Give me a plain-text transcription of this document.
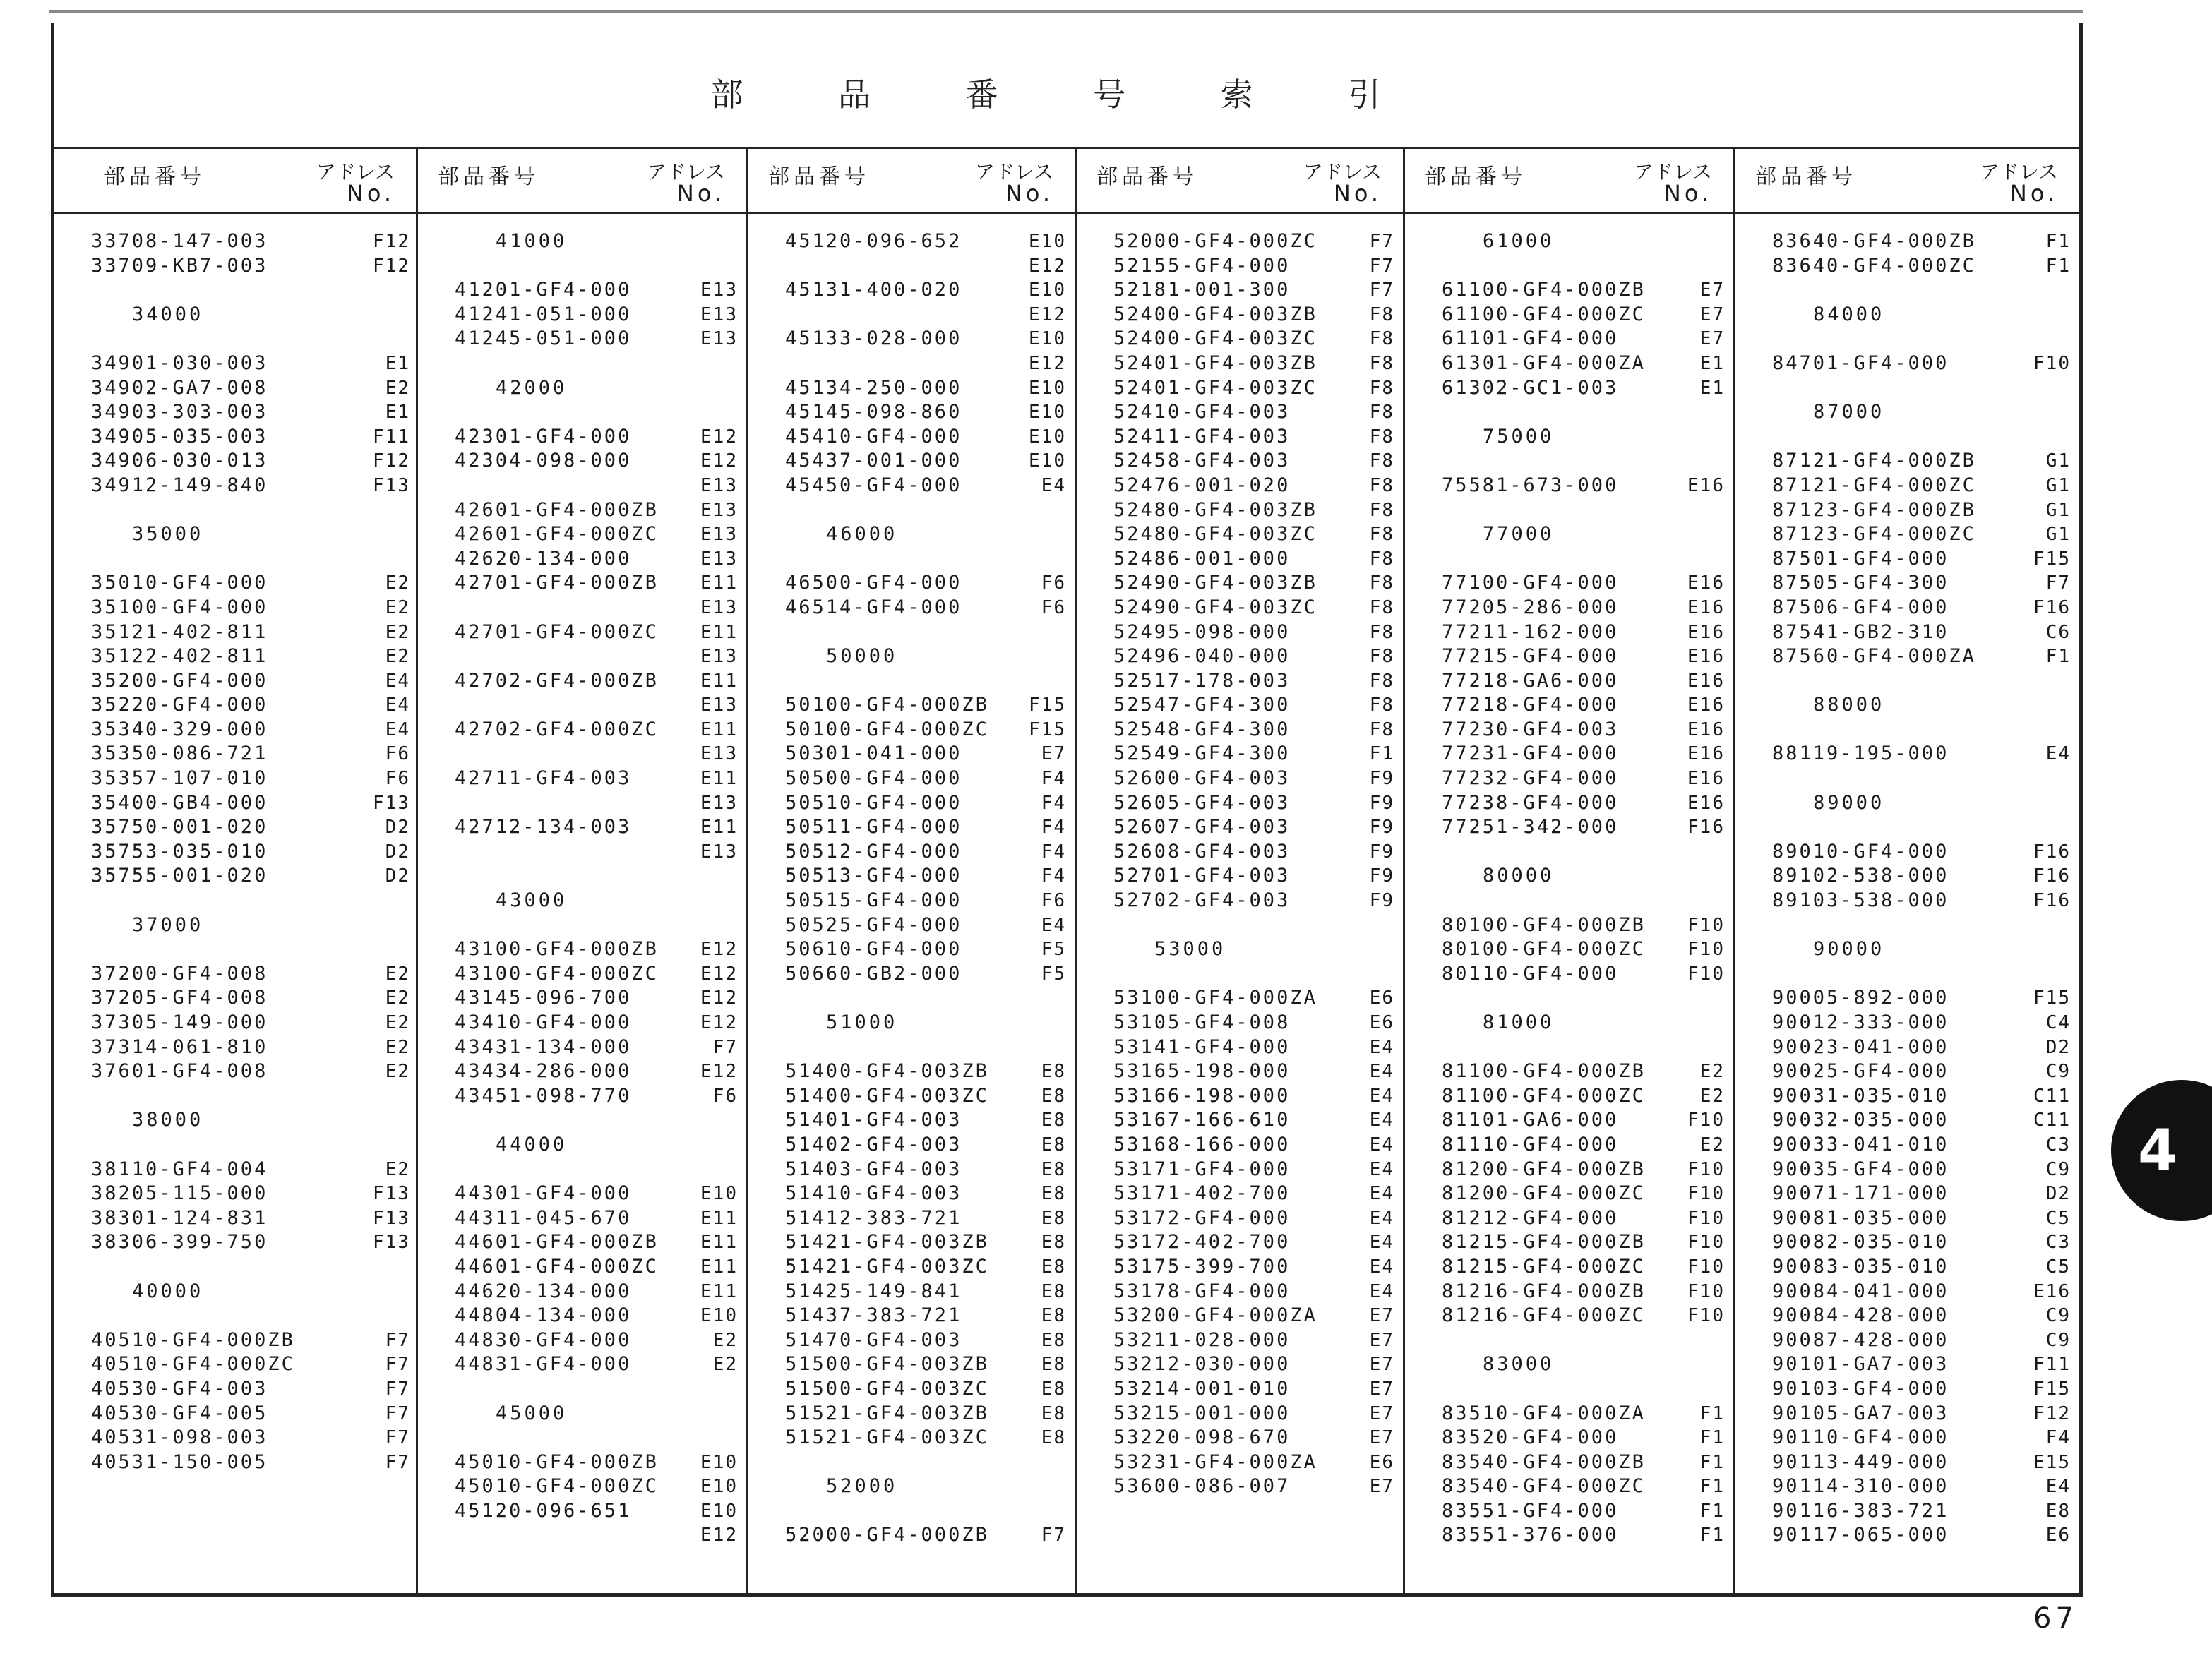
部 品 番 号 索 引
部品番号	アドレス
No.
33708-147-003	F12
33709-KB7-003	F12
34000
34901-030-003	E1
34902-GA7-008	E2
34903-303-003	E1
34905-035-003	F11
34906-030-013	F12
34912-149-840	F13
35000
35010-GF4-000	E2
35100-GF4-000	E2
35121-402-811	E2
35122-402-811	E2
35200-GF4-000	E4
35220-GF4-000	E4
35340-329-000	E4
35350-086-721	F6
35357-107-010	F6
35400-GB4-000	F13
35750-001-020	D2
35753-035-010	D2
35755-001-020	D2
37000
37200-GF4-008	E2
37205-GF4-008	E2
37305-149-000	E2
37314-061-810	E2
37601-GF4-008	E2
38000
38110-GF4-004	E2
38205-115-000	F13
38301-124-831	F13
38306-399-750	F13
40000
40510-GF4-000ZB	F7
40510-GF4-000ZC	F7
40530-GF4-003	F7
40530-GF4-005	F7
40531-098-003	F7
40531-150-005	F7
部品番号	アドレス
No.
41000
41201-GF4-000	E13
41241-051-000	E13
41245-051-000	E13
42000
42301-GF4-000	E12
42304-098-000	E12
E13
42601-GF4-000ZB E13
42601-GF4-000ZC E13
42620-134-000	E13
42701-GF4-000ZB E11
E13
42701-GF4-000ZC E11
E13
42702-GF4-000ZB E11
E13
42702-GF4-000ZC E11
E13
42711-GF4-003	E11
E13
42712-134-003	E11
E13
43000
43100-GF4-000ZB E12
43100-GF4-000ZC E12
43145-096-700	E12
43410-GF4-000	E12
43431-134-000	F7
43434-286-000	E12
43451-098-770	F6
44000
44301-GF4-000	E10
44311-045-670	E11
44601-GF4-000ZB E11
44601-GF4-000ZC E11
44620-134-000	E11
44804-134-000	E10
44830-GF4-000	E2
44831-GF4-000	E2
45000
45010-GF4-000ZB E10
45010-GF4-000ZC E10
45120-096-651	E10
E12
部品番号	アドレス
No.
45120-096-652	E10
E12
45131-400-020	E10
E12
45133-028-000	E10
E12
45134-250-000	E10
45145-098-860	E10
45410-GF4-000	E10
45437-001-000	E10
45450-GF4-000	E4
46000
46500-GF4-000	F6
46514-GF4-000	F6
50000
50100-GF4-000ZB F15
50100-GF4-000ZC F15
50301-041-000	E7
50500-GF4-000	F4
50510-GF4-000	F4
50511-GF4-000	F4
50512-GF4-000	F4
50513-GF4-000	F4
50515-GF4-000	F6
50525-GF4-000	E4
50610-GF4-000	F5
50660-GB2-000	F5
51000
51400-GF4-003ZB	E8
51400-GF4-003ZC	E8
51401-GF4-003	E8
51402-GF4-003	E8
51403-GF4-003	E8
51410-GF4-003	E8
51412-383-721	E8
51421-GF4-003ZB	E8
51421-GF4-003ZC	E8
51425-149-841	E8
51437-383-721	E8
51470-GF4-003	E8
51500-GF4-003ZB	E8
51500-GF4-003ZC	E8
51521-GF4-003ZB	E8
51521-GF4-003ZC	E8
52000
52000-GF4-000ZB	F7
部品番号	アドレス
No.
52000-GF4-000ZC	F7
52155-GF4-000	F7
52181-001-300	F7
52400-GF4-003ZB	F8
52400-GF4-003ZC	F8
52401-GF4-003ZB	F8
52401-GF4-003ZC	F8
52410-GF4-003	F8
52411-GF4-003	F8
52458-GF4-003	F8
52476-001-020	F8
52480-GF4-003ZB	F8
52480-GF4-003ZC	F8
52486-001-000	F8
52490-GF4-003ZB	F8
52490-GF4-003ZC	F8
52495-098-000	F8
52496-040-000	F8
52517-178-003	F8
52547-GF4-300	F8
52548-GF4-300	F8
52549-GF4-300	F1
52600-GF4-003	F9
52605-GF4-003	F9
52607-GF4-003	F9
52608-GF4-003	F9
52701-GF4-003	F9
52702-GF4-003	F9
53000
53100-GF4-000ZA	E6
53105-GF4-008	E6
53141-GF4-000	E4
53165-198-000	E4
53166-198-000	E4
53167-166-610	E4
53168-166-000	E4
53171-GF4-000	E4
53171-402-700	E4
53172-GF4-000	E4
53172-402-700	E4
53175-399-700	E4
53178-GF4-000	E4
53200-GF4-000ZA	E7
53211-028-000	E7
53212-030-000	E7
53214-001-010	E7
53215-001-000	E7
53220-098-670	E7
53231-GF4-000ZA	E6
53600-086-007	E7
部品番号	アドレス
No.
61000
61100-GF4-000ZB	E7
61100-GF4-000ZC	E7
61101-GF4-000	E7
61301-GF4-000ZA	E1
61302-GC1-003	E1
75000
75581-673-000	E16
77000
77100-GF4-000	E16
77205-286-000	E16
77211-162-000	E16
77215-GF4-000	E16
77218-GA6-000	E16
77218-GF4-000	E16
77230-GF4-003	E16
77231-GF4-000	E16
77232-GF4-000	E16
77238-GF4-000	E16
77251-342-000	F16
80000
80100-GF4-000ZB F10
80100-GF4-000ZC F10
80110-GF4-000	F10
81000
81100-GF4-000ZB	E2
81100-GF4-000ZC	E2
81101-GA6-000	F10
81110-GF4-000	E2
81200-GF4-000ZB F10
81200-GF4-000ZC F10
81212-GF4-000	F10
81215-GF4-000ZB F10
81215-GF4-000ZC F10
81216-GF4-000ZB F10
81216-GF4-000ZC F10
83000
83510-GF4-000ZA	F1
83520-GF4-000	F1
83540-GF4-000ZB	F1
83540-GF4-000ZC	F1
83551-GF4-000	F1
83551-376-000	F1
部品番号	アドレス
No.
83640-GF4-000ZB	F1
83640-GF4-000ZC	F1
84000
84701-GF4-000	F10
87000
87121-GF4-000ZB	G1
87121-GF4-000ZC	G1
87123-GF4-000ZB	G1
87123-GF4-000ZC	G1
87501-GF4-000	F15
87505-GF4-300	F7
87506-GF4-000	F16
87541-GB2-310	C6
87560-GF4-000ZA	F1
88000
88119-195-000	E4
89000
89010-GF4-000	F16
89102-538-000	F16
89103-538-000	F16
90000
90005-892-000	F15
90012-333-000	C4
90023-041-000	D2
90025-GF4-000	C9
90031-035-010	C11
90032-035-000	C11
90033-041-010	C3
90035-GF4-000	C9
90071-171-000	D2
90081-035-000	C5
90082-035-010	C3
90083-035-010	C5
90084-041-000	E16
90084-428-000	C9
90087-428-000	C9
90101-GA7-003	F11
90103-GF4-000	F15
90105-GA7-003	F12
90110-GF4-000	F4
90113-449-000	E15
90114-310-000	E4
90116-383-721	E8
90117-065-000	E6
4
67
